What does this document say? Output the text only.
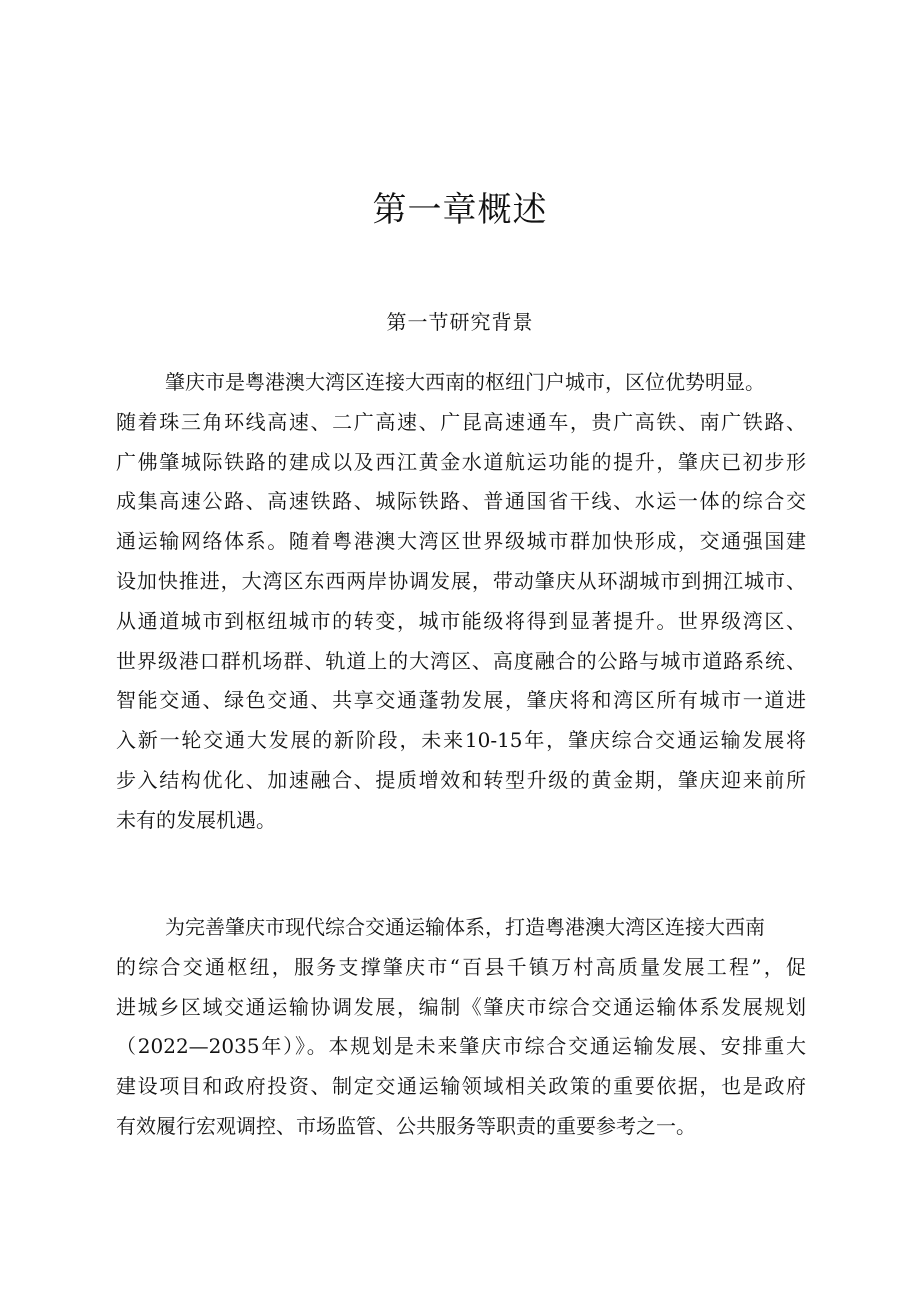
第一章概述
第一节研究背景
肇庆市是粤港澳大湾区连接大西南的枢纽门户城市，区位优势明显。
随着珠三角环线高速、二广高速、广昆高速通车，贵广高铁、南广铁路、
广佛肇城际铁路的建成以及西江黄金水道航运功能的提升，肇庆已初步形
成集高速公路、高速铁路、城际铁路、普通国省干线、水运一体的综合交
通运输网络体系。随着粤港澳大湾区世界级城市群加快形成，交通强国建
设加快推进，大湾区东西两岸协调发展，带动肇庆从环湖城市到拥江城市、
从通道城市到枢纽城市的转变，城市能级将得到显著提升。世界级湾区、
世界级港口群机场群、轨道上的大湾区、高度融合的公路与城市道路系统、
智能交通、绿色交通、共享交通蓬勃发展，肇庆将和湾区所有城市一道进
入新一轮交通大发展的新阶段，未来10-15年，肇庆综合交通运输发展将
步入结构优化、加速融合、提质增效和转型升级的黄金期，肇庆迎来前所
未有的发展机遇。
为完善肇庆市现代综合交通运输体系，打造粤港澳大湾区连接大西南
的综合交通枢纽，服务支撑肇庆市“百县千镇万村高质量发展工程”，促
进城乡区域交通运输协调发展，编制《肇庆市综合交通运输体系发展规划
（2022—2035年）》。本规划是未来肇庆市综合交通运输发展、安排重大
建设项目和政府投资、制定交通运输领域相关政策的重要依据，也是政府
有效履行宏观调控、市场监管、公共服务等职责的重要参考之一。
